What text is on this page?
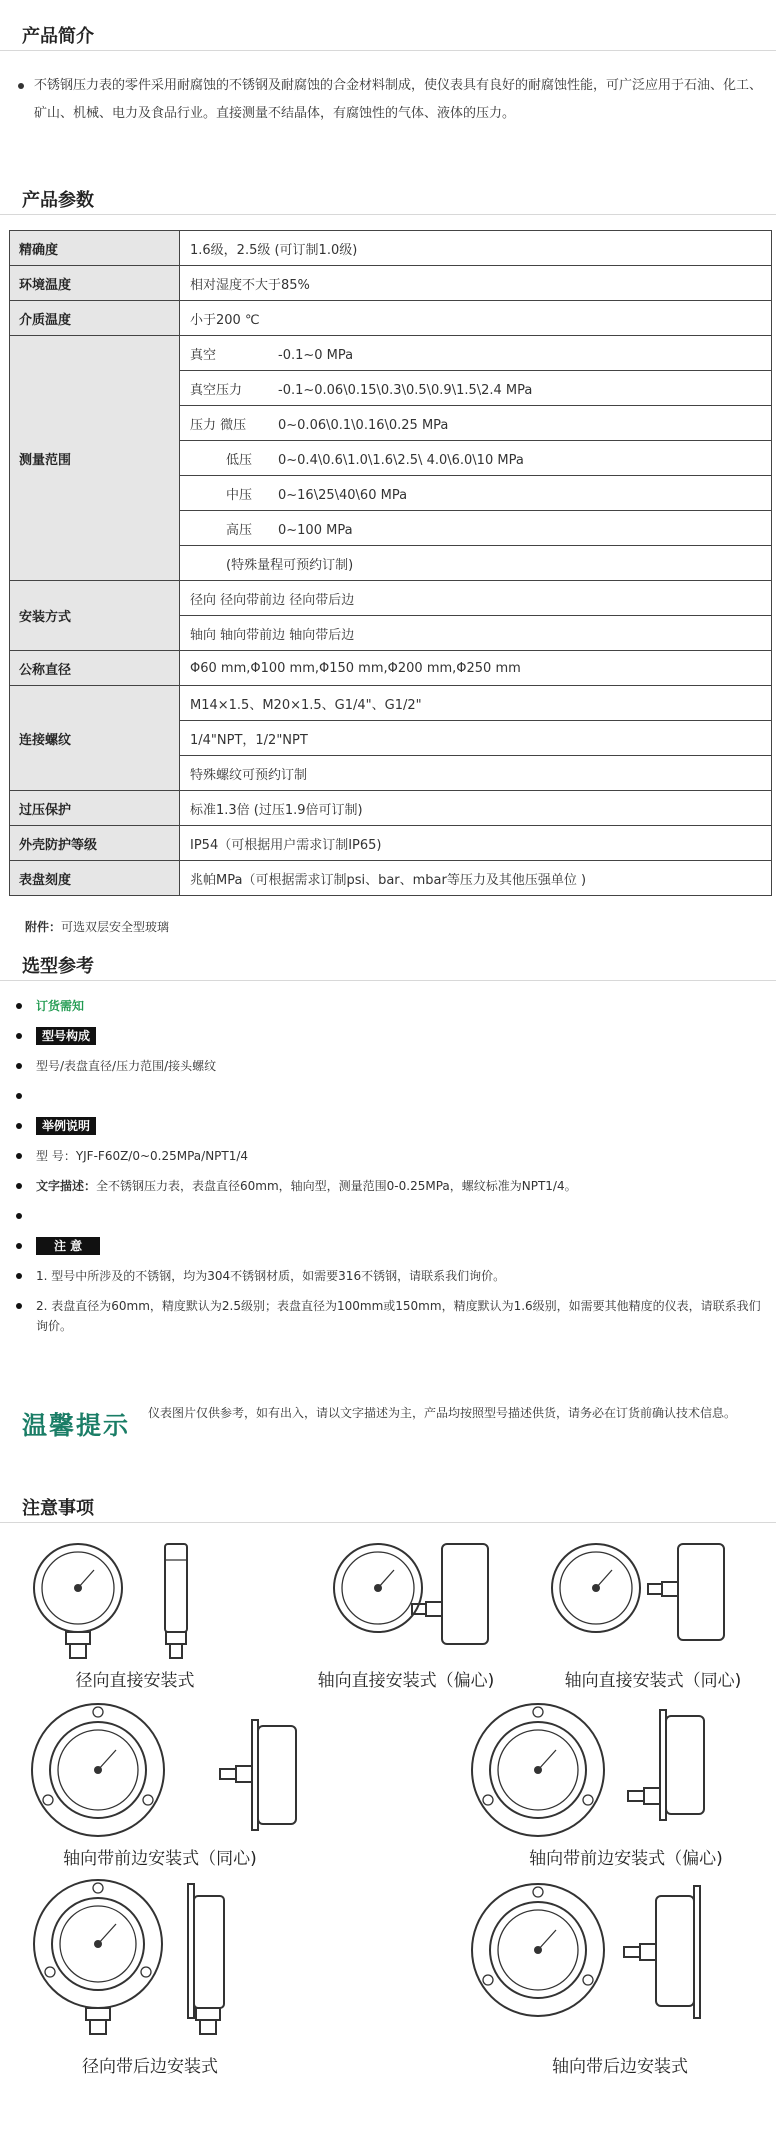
产品简介

不锈钢压力表的零件采用耐腐蚀的不锈钢及耐腐蚀的合金材料制成，使仪表具有良好的耐腐蚀性能，可广泛应用于石油、化工、矿山、机械、电力及食品行业。直接测量不结晶体，有腐蚀性的气体、液体的压力。

产品参数
精确度	1.6级，2.5级 (可订制1.0级)
环境温度	相对湿度不大于85%
介质温度	小于200 ℃
测量范围	真空 -0.1~0 MPa
	真空压力 -0.1~0.06\0.15\0.3\0.5\0.9\1.5\2.4 MPa
	压力 微压 0~0.06\0.1\0.16\0.25 MPa
	低压 0~0.4\0.6\1.0\1.6\2.5\ 4.0\6.0\10 MPa
	中压 0~16\25\40\60 MPa
	高压 0~100 MPa
	(特殊量程可预约订制)
安装方式	径向 径向带前边 径向带后边
	轴向 轴向带前边 轴向带后边
公称直径	Φ60 mm,Φ100 mm,Φ150 mm,Φ200 mm,Φ250 mm
连接螺纹	M14×1.5、M20×1.5、G1/4"、G1/2"
	1/4"NPT，1/2"NPT
	特殊螺纹可预约订制
过压保护	标准1.3倍 (过压1.9倍可订制)
外壳防护等级	IP54（可根据用户需求订制IP65)
表盘刻度	兆帕MPa（可根据需求订制psi、bar、mbar等压力及其他压强单位 )
附件：可选双层安全型玻璃
选型参考
订货需知
型号构成
型号/表盘直径/压力范围/接头螺纹
举例说明
型 号：YJF-F60Z/0~0.25MPa/NPT1/4
文字描述：全不锈钢压力表，表盘直径60mm，轴向型，测量范围0-0.25MPa，螺纹标准为NPT1/4。
注 意
1. 型号中所涉及的不锈钢，均为304不锈钢材质，如需要316不锈钢，请联系我们询价。
2. 表盘直径为60mm，精度默认为2.5级别；表盘直径为100mm或150mm，精度默认为1.6级别，如需要其他精度的仪表，请联系我们询价。
温馨提示 仪表图片仅供参考，如有出入，请以文字描述为主，产品均按照型号描述供货，请务必在订货前确认技术信息。
注意事项
径向直接安装式	轴向直接安装式（偏心)	轴向直接安装式（同心)
轴向带前边安装式（同心)	轴向带前边安装式（偏心)
径向带后边安装式	轴向带后边安装式
